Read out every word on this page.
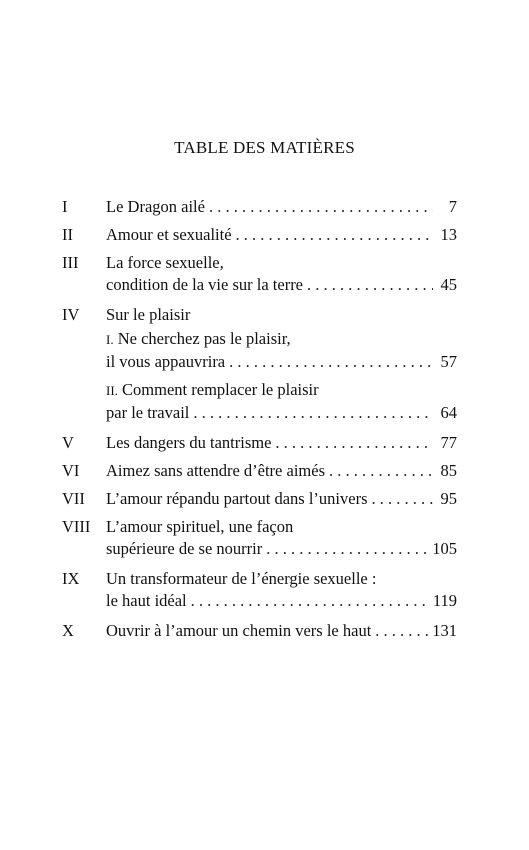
TABLE DES MATIÈRES
I	Le Dragon ailé . . .	7
II	Amour et sexualité . . .	13
III	La force sexuelle,
condition de la vie sur la terre . . .	45
IV	Sur le plaisir
I. Ne cherchez pas le plaisir,
il vous appauvrira . . .	57
II. Comment remplacer le plaisir
par le travail . . .	64
V	Les dangers du tantrisme . . .	77
VI	Aimez sans attendre d’être aimés . . .	85
VII	L’amour répandu partout dans l’univers . . .	95
VIII L’amour spirituel, une façon
supérieure de se nourrir . . .	105
IX	Un transformateur de l’énergie sexuelle :
le haut idéal . . .	119
X	Ouvrir à l’amour un chemin vers le haut . . .	131
